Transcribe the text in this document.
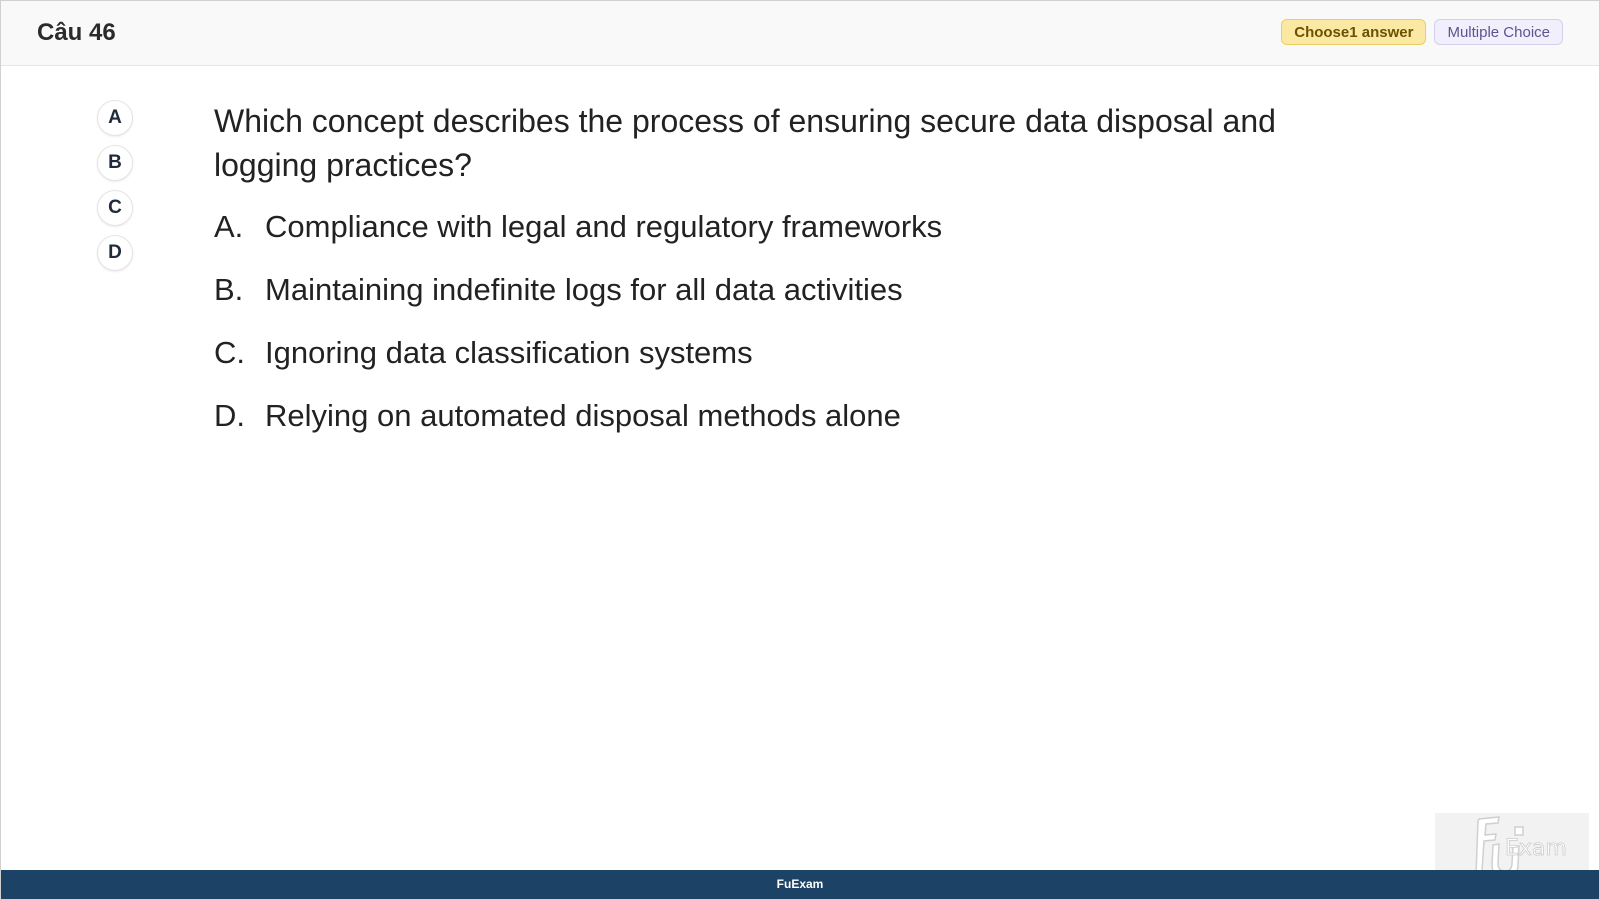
Câu 46	Choose1 answer	Multiple Choice
A
B
C
D
Which concept describes the process of ensuring secure data disposal and logging practices?
A. Compliance with legal and regulatory frameworks
B. Maintaining indefinite logs for all data activities
C. Ignoring data classification systems
D. Relying on automated disposal methods alone
Exam
FuExam
